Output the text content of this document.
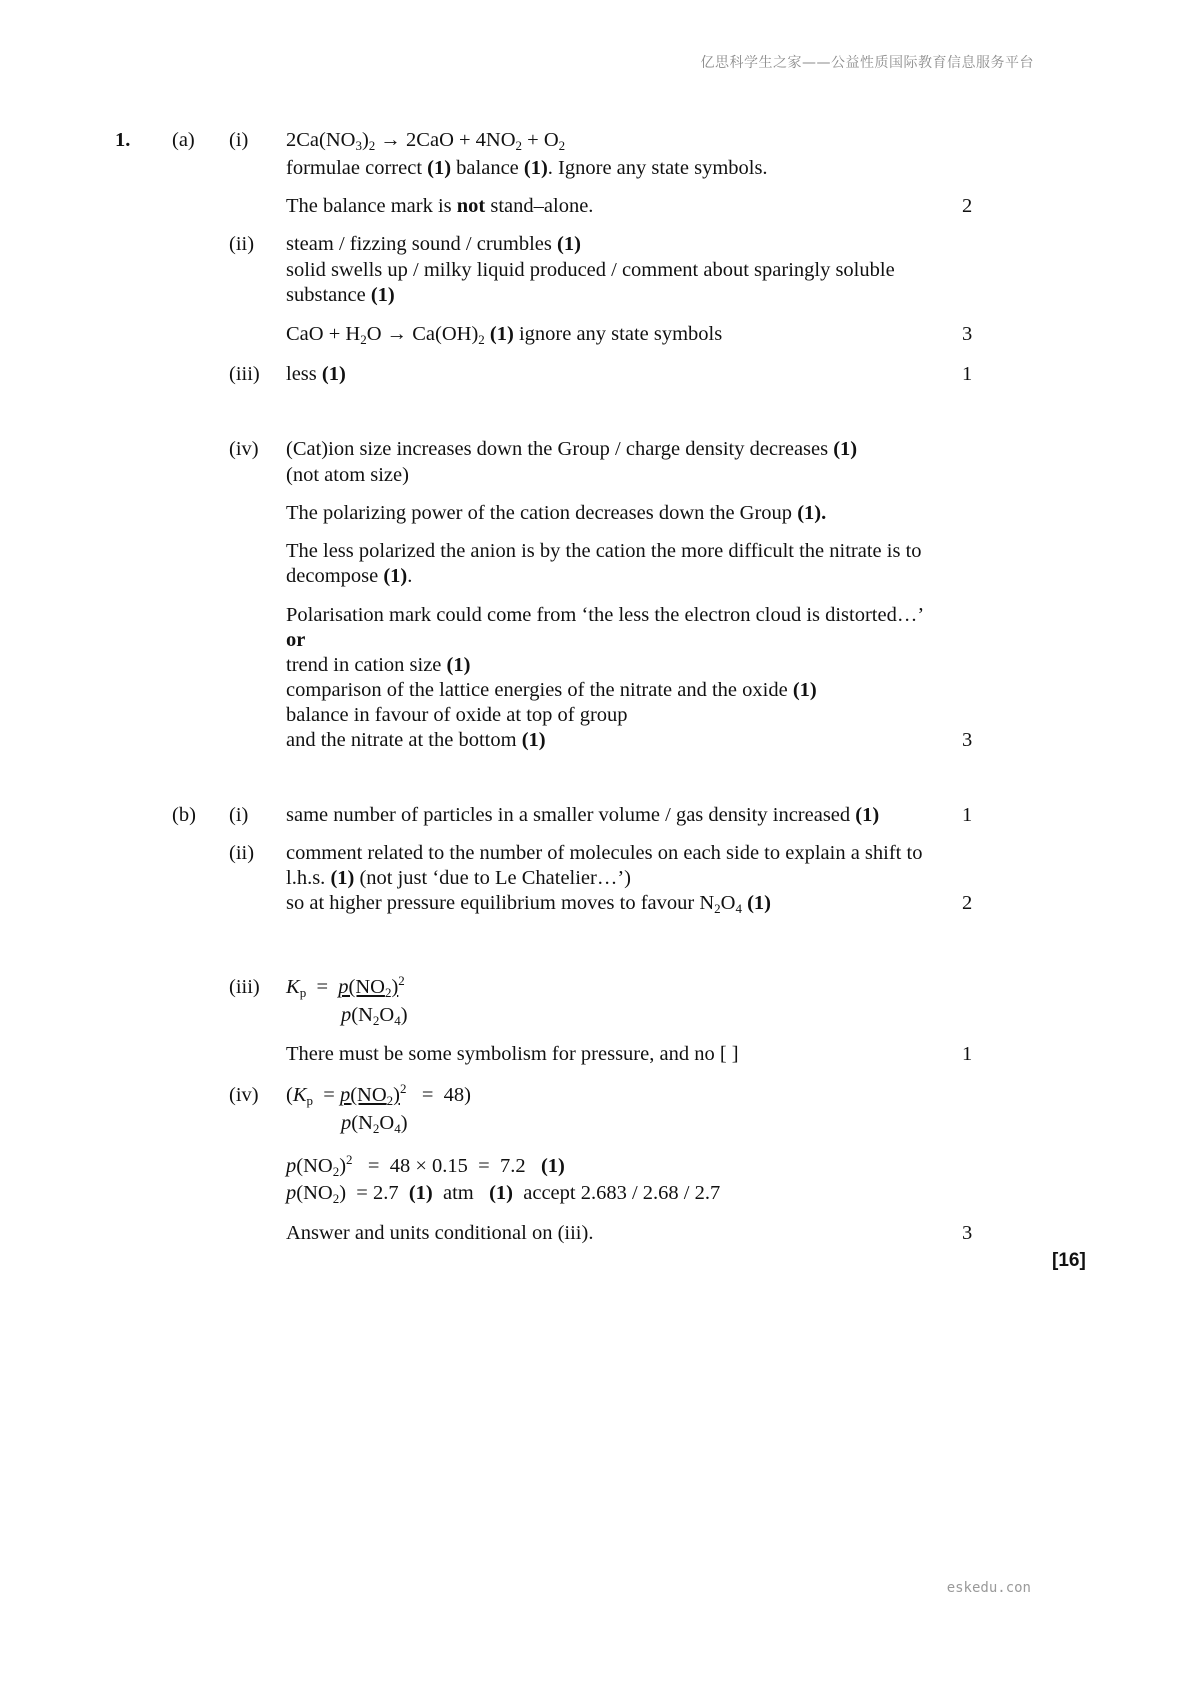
亿思科学生之家——公益性质国际教育信息服务平台
1. (a) (i) $2Ca(NO_3)_2 \to 2CaO + 4NO_2 + O_2$
formulae correct (1) balance (1). Ignore any state symbols.
The balance mark is not stand–alone.	2
(ii) steam / fizzing sound / crumbles (1)
solid swells up / milky liquid produced / comment about sparingly soluble
substance (1)
CaO + $H_2O \to Ca(OH)_2$ (1) ignore any state symbols	3
(iii) less (1)	1
(iv) (Cat)ion size increases down the Group / charge density decreases (1)
(not atom size)
The polarizing power of the cation decreases down the Group (1).
The less polarized the anion is by the cation the more difficult the nitrate is to
decompose (1).
Polarisation mark could come from ‘the less the electron cloud is distorted…’
or
trend in cation size (1)
comparison of the lattice energies of the nitrate and the oxide (1)
balance in favour of oxide at top of group
and the nitrate at the bottom (1)	3
(b) (i) same number of particles in a smaller volume / gas density increased (1)	1
(ii) comment related to the number of molecules on each side to explain a shift to
l.h.s. (1) (not just ‘due to Le Chatelier…’)
so at higher pressure equilibrium moves to favour $N_2O_4$ (1)	2
(iii) $K_p = p(NO_2)^2$
$p(N_2O_4)$
There must be some symbolism for pressure, and no [ ]	1
(iv) $(K_p = p(NO_2)^2 = 48)$
$p(N_2O_4)$
$p(NO_2)^2 = 48 \times 0.15 = 7.2$   (1)
$p(NO_2) = 2.7$  (1)  atm   (1)  accept 2.683 / 2.68 / 2.7
Answer and units conditional on (iii).	3
[16]
eskedu.con
